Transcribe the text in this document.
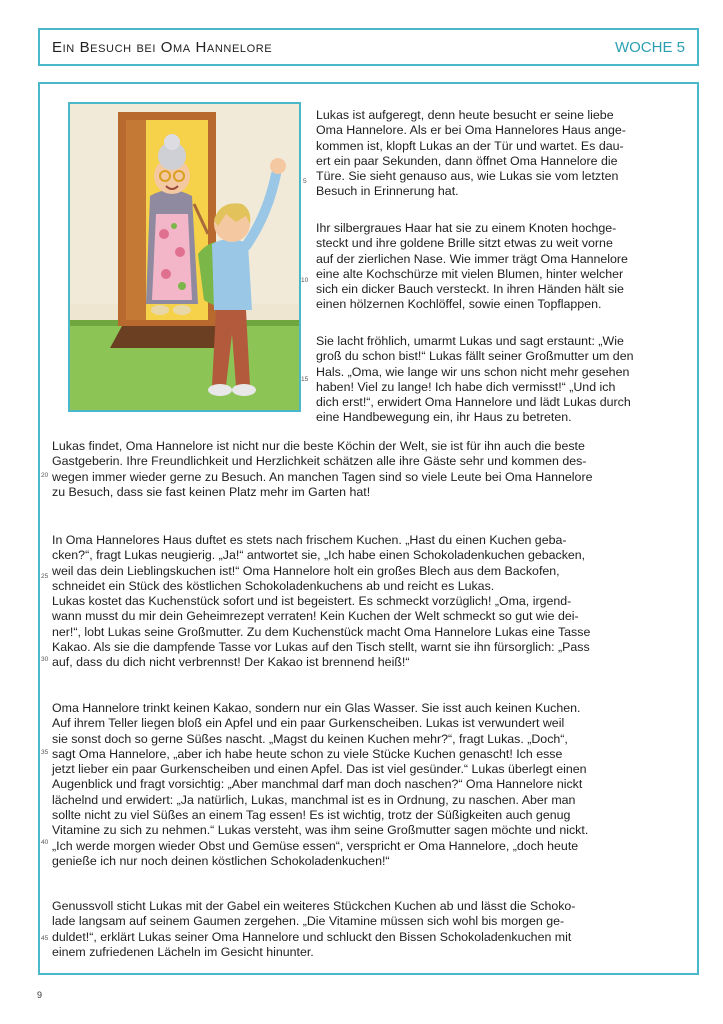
Ein Besuch bei Oma Hannelore	WOCHE 5

Lukas ist aufgeregt, denn heute besucht er seine liebe
Oma Hannelore. Als er bei Oma Hannelores Haus ange-
kommen ist, klopft Lukas an der Tür und wartet. Es dau-
ert ein paar Sekunden, dann öffnet Oma Hannelore die
Türe. Sie sieht genauso aus, wie Lukas sie vom letzten
Besuch in Erinnerung hat.

Ihr silbergraues Haar hat sie zu einem Knoten hochge-
steckt und ihre goldene Brille sitzt etwas zu weit vorne
auf der zierlichen Nase. Wie immer trägt Oma Hannelore
eine alte Kochschürze mit vielen Blumen, hinter welcher
sich ein dicker Bauch versteckt. In ihren Händen hält sie
einen hölzernen Kochlöffel, sowie einen Topflappen.

Sie lacht fröhlich, umarmt Lukas und sagt erstaunt: „Wie
groß du schon bist!“ Lukas fällt seiner Großmutter um den
Hals. „Oma, wie lange wir uns schon nicht mehr gesehen
haben! Viel zu lange! Ich habe dich vermisst!“ „Und ich
dich erst!“, erwidert Oma Hannelore und lädt Lukas durch
eine Handbewegung ein, ihr Haus zu betreten.

Lukas findet, Oma Hannelore ist nicht nur die beste Köchin der Welt, sie ist für ihn auch die beste
Gastgeberin. Ihre Freundlichkeit und Herzlichkeit schätzen alle ihre Gäste sehr und kommen des-
wegen immer wieder gerne zu Besuch. An manchen Tagen sind so viele Leute bei Oma Hannelore
zu Besuch, dass sie fast keinen Platz mehr im Garten hat!

In Oma Hannelores Haus duftet es stets nach frischem Kuchen. „Hast du einen Kuchen geba-
cken?“, fragt Lukas neugierig. „Ja!“ antwortet sie, „Ich habe einen Schokoladenkuchen gebacken,
weil das dein Lieblingskuchen ist!“ Oma Hannelore holt ein großes Blech aus dem Backofen,
schneidet ein Stück des köstlichen Schokoladenkuchens ab und reicht es Lukas.
Lukas kostet das Kuchenstück sofort und ist begeistert. Es schmeckt vorzüglich! „Oma, irgend-
wann musst du mir dein Geheimrezept verraten! Kein Kuchen der Welt schmeckt so gut wie dei-
ner!“, lobt Lukas seine Großmutter. Zu dem Kuchenstück macht Oma Hannelore Lukas eine Tasse
Kakao. Als sie die dampfende Tasse vor Lukas auf den Tisch stellt, warnt sie ihn fürsorglich: „Pass
auf, dass du dich nicht verbrennst! Der Kakao ist brennend heiß!“

Oma Hannelore trinkt keinen Kakao, sondern nur ein Glas Wasser. Sie isst auch keinen Kuchen.
Auf ihrem Teller liegen bloß ein Apfel und ein paar Gurkenscheiben. Lukas ist verwundert weil
sie sonst doch so gerne Süßes nascht. „Magst du keinen Kuchen mehr?“, fragt Lukas. „Doch“,
sagt Oma Hannelore, „aber ich habe heute schon zu viele Stücke Kuchen genascht! Ich esse
jetzt lieber ein paar Gurkenscheiben und einen Apfel. Das ist viel gesünder.“ Lukas überlegt einen
Augenblick und fragt vorsichtig: „Aber manchmal darf man doch naschen?“ Oma Hannelore nickt
lächelnd und erwidert: „Ja natürlich, Lukas, manchmal ist es in Ordnung, zu naschen. Aber man
sollte nicht zu viel Süßes an einem Tag essen! Es ist wichtig, trotz der Süßigkeiten auch genug
Vitamine zu sich zu nehmen.“ Lukas versteht, was ihm seine Großmutter sagen möchte und nickt.
„Ich werde morgen wieder Obst und Gemüse essen“, verspricht er Oma Hannelore, „doch heute
genieße ich nur noch deinen köstlichen Schokoladenkuchen!“

Genussvoll sticht Lukas mit der Gabel ein weiteres Stückchen Kuchen ab und lässt die Schoko-
lade langsam auf seinem Gaumen zergehen. „Die Vitamine müssen sich wohl bis morgen ge-
duldet!“, erklärt Lukas seiner Oma Hannelore und schluckt den Bissen Schokoladenkuchen mit
einem zufriedenen Lächeln im Gesicht hinunter.

5
10
15
20
25
30
35
40
45
9
